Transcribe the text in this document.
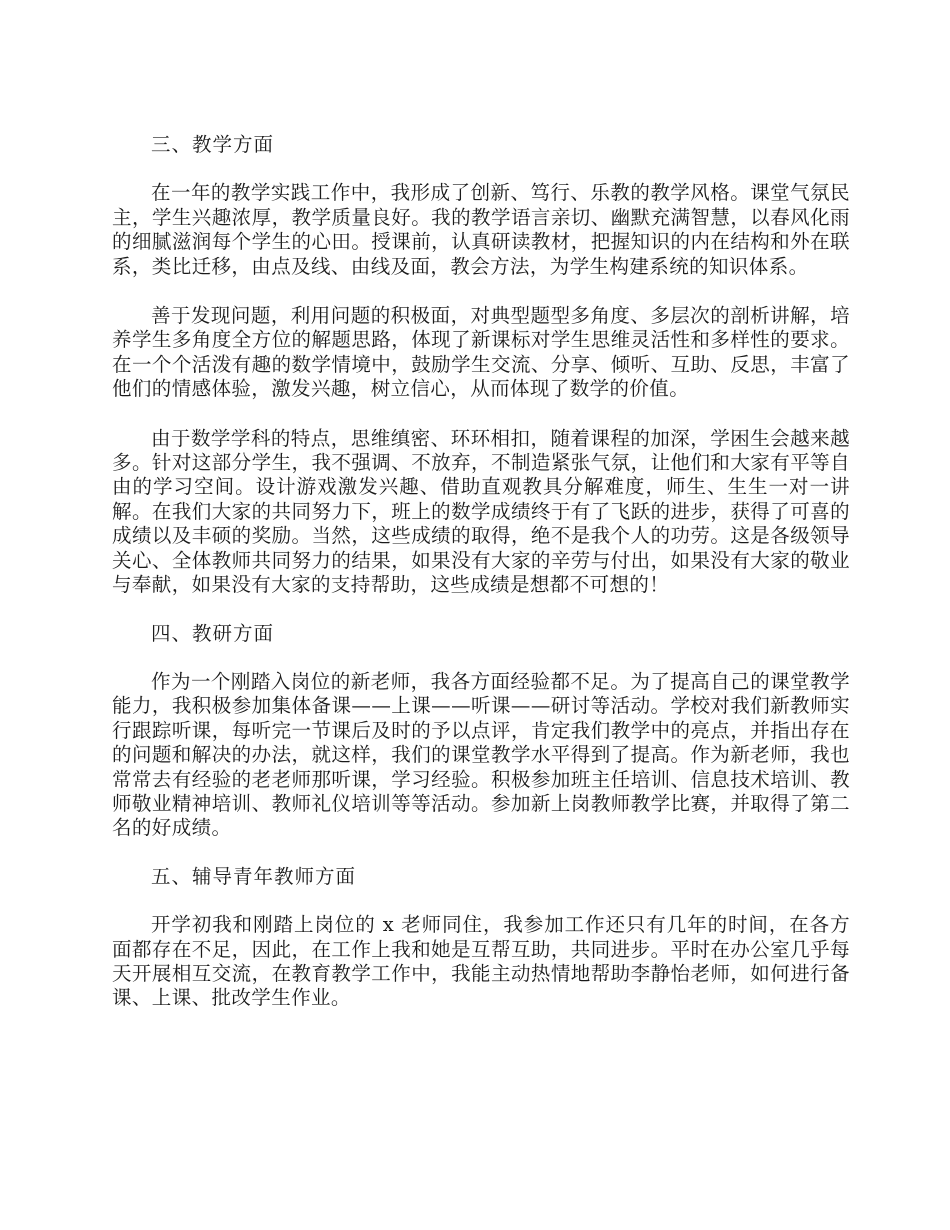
三、教学方面

在一年的教学实践工作中，我形成了创新、笃行、乐教的教学风格。课堂气氛民主，学生兴趣浓厚，教学质量良好。我的教学语言亲切、幽默充满智慧，以春风化雨的细腻滋润每个学生的心田。授课前，认真研读教材，把握知识的内在结构和外在联系，类比迁移，由点及线、由线及面，教会方法，为学生构建系统的知识体系。

善于发现问题，利用问题的积极面，对典型题型多角度、多层次的剖析讲解，培养学生多角度全方位的解题思路，体现了新课标对学生思维灵活性和多样性的要求。在一个个活泼有趣的数学情境中，鼓励学生交流、分享、倾听、互助、反思，丰富了他们的情感体验，激发兴趣，树立信心，从而体现了数学的价值。

由于数学学科的特点，思维缜密、环环相扣，随着课程的加深，学困生会越来越多。针对这部分学生，我不强调、不放弃，不制造紧张气氛，让他们和大家有平等自由的学习空间。设计游戏激发兴趣、借助直观教具分解难度，师生、生生一对一讲解。在我们大家的共同努力下，班上的数学成绩终于有了飞跃的进步，获得了可喜的成绩以及丰硕的奖励。当然，这些成绩的取得，绝不是我个人的功劳。这是各级领导关心、全体教师共同努力的结果，如果没有大家的辛劳与付出，如果没有大家的敬业与奉献，如果没有大家的支持帮助，这些成绩是想都不可想的！

四、教研方面

作为一个刚踏入岗位的新老师，我各方面经验都不足。为了提高自己的课堂教学能力，我积极参加集体备课——上课——听课——研讨等活动。学校对我们新教师实行跟踪听课，每听完一节课后及时的予以点评，肯定我们教学中的亮点，并指出存在的问题和解决的办法，就这样，我们的课堂教学水平得到了提高。作为新老师，我也常常去有经验的老老师那听课，学习经验。积极参加班主任培训、信息技术培训、教师敬业精神培训、教师礼仪培训等等活动。参加新上岗教师教学比赛，并取得了第二名的好成绩。

五、辅导青年教师方面

开学初我和刚踏上岗位的 x 老师同住，我参加工作还只有几年的时间，在各方面都存在不足，因此，在工作上我和她是互帮互助，共同进步。平时在办公室几乎每天开展相互交流，在教育教学工作中，我能主动热情地帮助李静怡老师，如何进行备课、上课、批改学生作业。
